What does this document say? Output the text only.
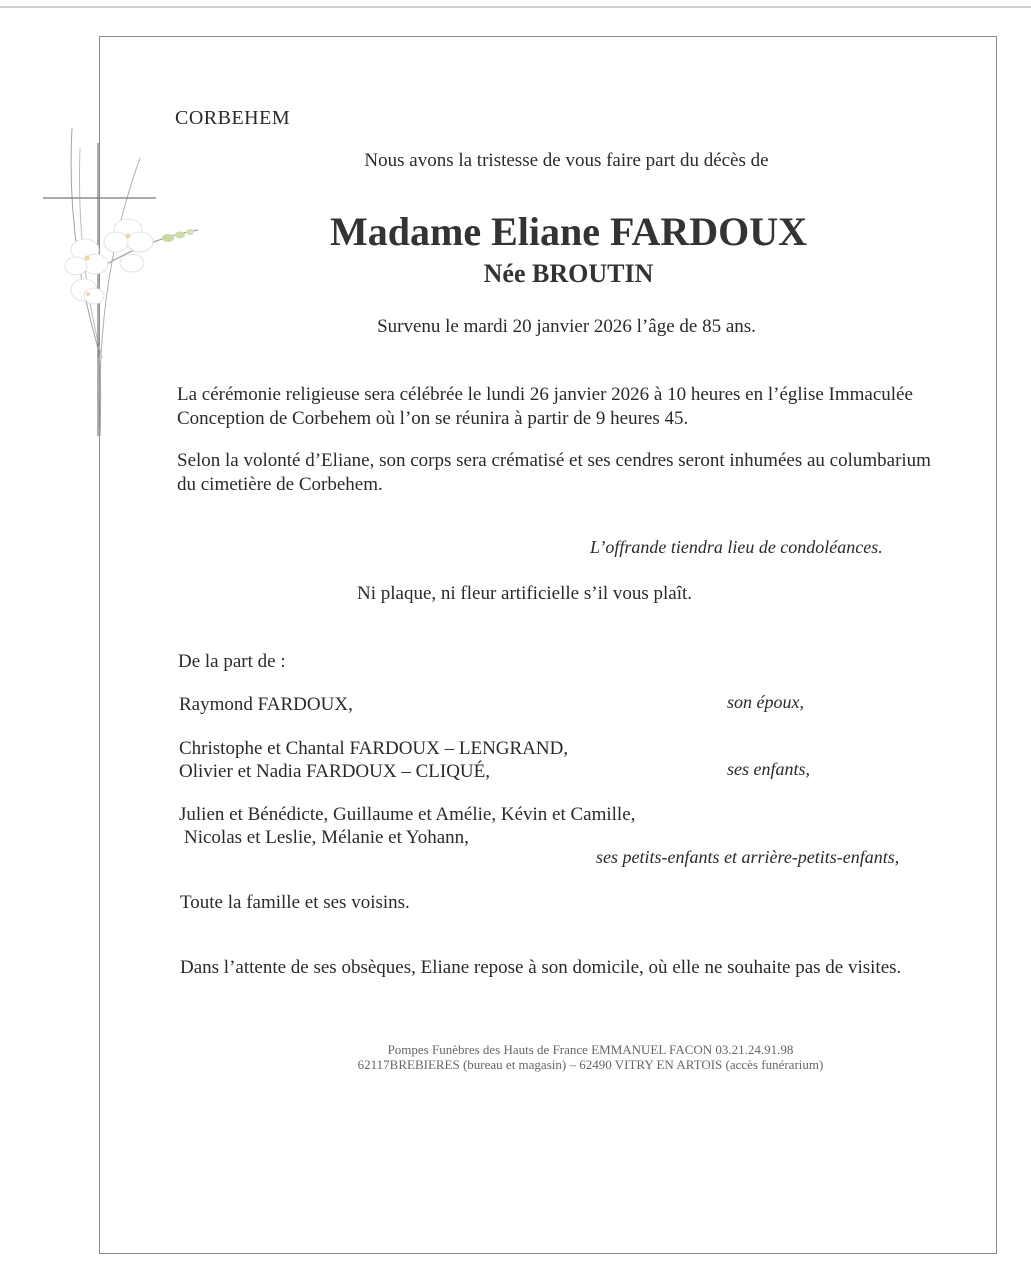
CORBEHEM
Nous avons la tristesse de vous faire part du décès de
Madame Eliane FARDOUX
Née BROUTIN
Survenu le mardi 20 janvier 2026 l’âge de 85 ans.
La cérémonie religieuse sera célébrée le lundi 26 janvier 2026 à 10 heures en l’église Immaculée
Conception de Corbehem où l’on se réunira à partir de 9 heures 45.
Selon la volonté d’Eliane, son corps sera crématisé et ses cendres seront inhumées au columbarium
du cimetière de Corbehem.
L’offrande tiendra lieu de condoléances.
Ni plaque, ni fleur artificielle s’il vous plaît.
De la part de :
Raymond FARDOUX,	son époux,
Christophe et Chantal FARDOUX – LENGRAND,
Olivier et Nadia FARDOUX – CLIQUÉ,	ses enfants,
Julien et Bénédicte, Guillaume et Amélie, Kévin et Camille,
Nicolas et Leslie, Mélanie et Yohann,
ses petits-enfants et arrière-petits-enfants,
Toute la famille et ses voisins.
Dans l’attente de ses obsèques, Eliane repose à son domicile, où elle ne souhaite pas de visites.
Pompes Funèbres des Hauts de France EMMANUEL FACON 03.21.24.91.98
62117BREBIERES (bureau et magasin) – 62490 VITRY EN ARTOIS (accès funérarium)
